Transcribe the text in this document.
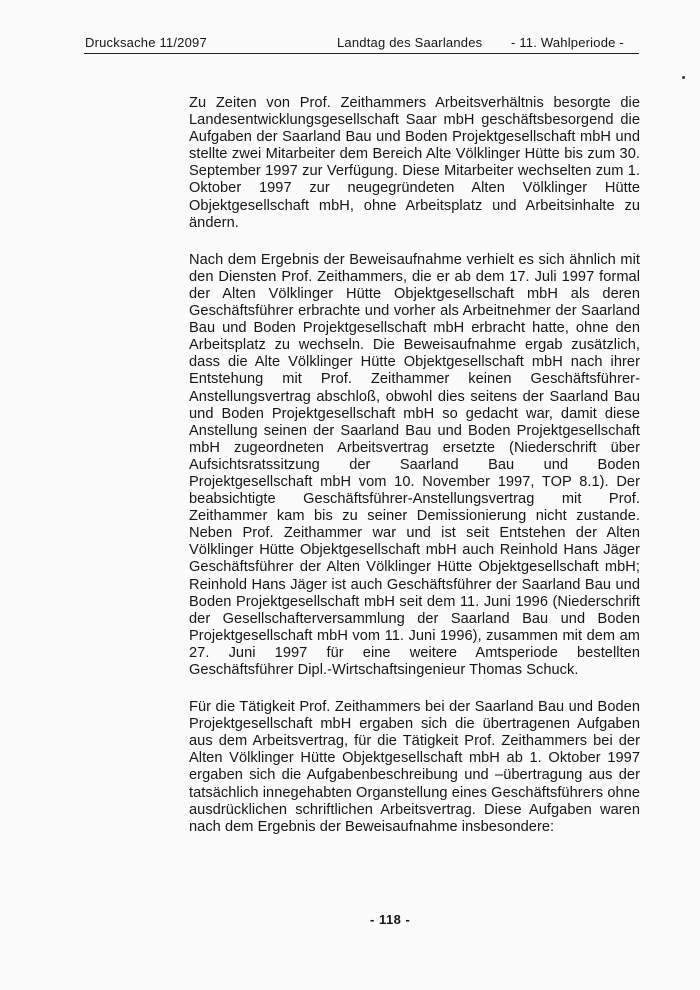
Drucksache 11/2097	Landtag des Saarlandes - 11. Wahlperiode -

Zu Zeiten von Prof. Zeithammers Arbeitsverhältnis besorgte die Landesentwicklungsgesellschaft Saar mbH geschäftsbesorgend die Aufgaben der Saarland Bau und Boden Projektgesellschaft mbH und stellte zwei Mitarbeiter dem Bereich Alte Völklinger Hütte bis zum 30. September 1997 zur Verfügung. Diese Mitarbeiter wechselten zum 1. Oktober 1997 zur neugegründeten Alten Völklinger Hütte Objektgesellschaft mbH, ohne Arbeitsplatz und Arbeitsinhalte zu ändern.

Nach dem Ergebnis der Beweisaufnahme verhielt es sich ähnlich mit den Diensten Prof. Zeithammers, die er ab dem 17. Juli 1997 formal der Alten Völklinger Hütte Objektgesellschaft mbH als deren Geschäftsführer erbrachte und vorher als Arbeitnehmer der Saarland Bau und Boden Projektgesellschaft mbH erbracht hatte, ohne den Arbeitsplatz zu wechseln. Die Beweisaufnahme ergab zusätzlich, dass die Alte Völklinger Hütte Objektgesellschaft mbH nach ihrer Entstehung mit Prof. Zeithammer keinen Geschäftsführer-Anstellungsvertrag abschloß, obwohl dies seitens der Saarland Bau und Boden Projektgesellschaft mbH so gedacht war, damit diese Anstellung seinen der Saarland Bau und Boden Projektgesellschaft mbH zugeordneten Arbeitsvertrag ersetzte (Niederschrift über Aufsichtsratssitzung der Saarland Bau und Boden Projektgesellschaft mbH vom 10. November 1997, TOP 8.1). Der beabsichtigte Geschäftsführer-Anstellungsvertrag mit Prof. Zeithammer kam bis zu seiner Demissionierung nicht zustande. Neben Prof. Zeithammer war und ist seit Entstehen der Alten Völklinger Hütte Objektgesellschaft mbH auch Reinhold Hans Jäger Geschäftsführer der Alten Völklinger Hütte Objektgesellschaft mbH; Reinhold Hans Jäger ist auch Geschäftsführer der Saarland Bau und Boden Projektgesellschaft mbH seit dem 11. Juni 1996 (Niederschrift der Gesellschafterversammlung der Saarland Bau und Boden Projektgesellschaft mbH vom 11. Juni 1996), zusammen mit dem am 27. Juni 1997 für eine weitere Amtsperiode bestellten Geschäftsführer Dipl.-Wirtschaftsingenieur Thomas Schuck.

Für die Tätigkeit Prof. Zeithammers bei der Saarland Bau und Boden Projektgesellschaft mbH ergaben sich die übertragenen Aufgaben aus dem Arbeitsvertrag, für die Tätigkeit Prof. Zeithammers bei der Alten Völklinger Hütte Objektgesellschaft mbH ab 1. Oktober 1997 ergaben sich die Aufgabenbeschreibung und –übertragung aus der tatsächlich innegehabten Organstellung eines Geschäftsführers ohne ausdrücklichen schriftlichen Arbeitsvertrag. Diese Aufgaben waren nach dem Ergebnis der Beweisaufnahme insbesondere:

- 118 -
